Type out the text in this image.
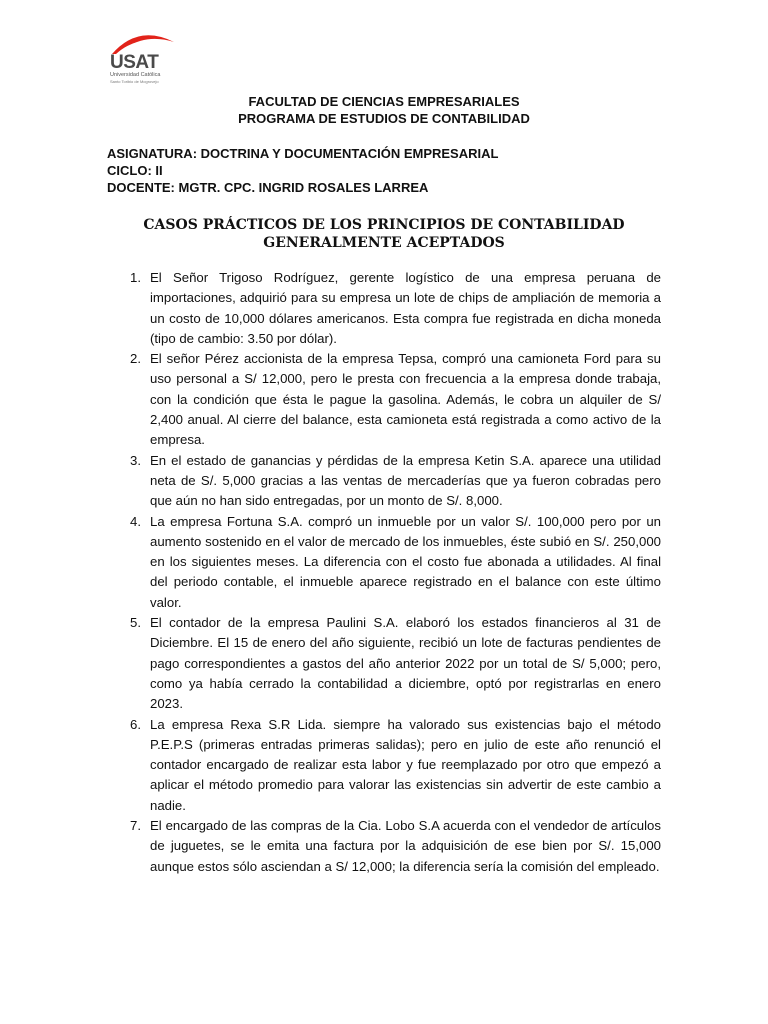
USAT
Universidad Católica
Santo Toribio de Mogrovejo
FACULTAD DE CIENCIAS EMPRESARIALES
PROGRAMA DE ESTUDIOS DE CONTABILIDAD
ASIGNATURA: DOCTRINA Y DOCUMENTACIÓN EMPRESARIAL
CICLO: II
DOCENTE: MGTR. CPC. INGRID ROSALES LARREA
CASOS PRÁCTICOS DE LOS PRINCIPIOS DE CONTABILIDAD
GENERALMENTE ACEPTADOS
1. El Señor Trigoso Rodríguez, gerente logístico de una empresa peruana de importaciones, adquirió para su empresa un lote de chips de ampliación de memoria a un costo de 10,000 dólares americanos. Esta compra fue registrada en dicha moneda (tipo de cambio: 3.50 por dólar).
2. El señor Pérez accionista de la empresa Tepsa, compró una camioneta Ford para su uso personal a S/ 12,000, pero le presta con frecuencia a la empresa donde trabaja, con la condición que ésta le pague la gasolina. Además, le cobra un alquiler de S/ 2,400 anual. Al cierre del balance, esta camioneta está registrada a como activo de la empresa.
3. En el estado de ganancias y pérdidas de la empresa Ketin S.A. aparece una utilidad neta de S/. 5,000 gracias a las ventas de mercaderías que ya fueron cobradas pero que aún no han sido entregadas, por un monto de S/. 8,000.
4. La empresa Fortuna S.A. compró un inmueble por un valor S/. 100,000 pero por un aumento sostenido en el valor de mercado de los inmuebles, éste subió en S/. 250,000 en los siguientes meses. La diferencia con el costo fue abonada a utilidades. Al final del periodo contable, el inmueble aparece registrado en el balance con este último valor.
5. El contador de la empresa Paulini S.A. elaboró los estados financieros al 31 de Diciembre. El 15 de enero del año siguiente, recibió un lote de facturas pendientes de pago correspondientes a gastos del año anterior 2022 por un total de S/ 5,000; pero, como ya había cerrado la contabilidad a diciembre, optó por registrarlas en enero 2023.
6. La empresa Rexa S.R Lida. siempre ha valorado sus existencias bajo el método P.E.P.S (primeras entradas primeras salidas); pero en julio de este año renunció el contador encargado de realizar esta labor y fue reemplazado por otro que empezó a aplicar el método promedio para valorar las existencias sin advertir de este cambio a nadie.
7. El encargado de las compras de la Cia. Lobo S.A acuerda con el vendedor de artículos de juguetes, se le emita una factura por la adquisición de ese bien por S/. 15,000 aunque estos sólo asciendan a S/ 12,000; la diferencia sería la comisión del empleado.
